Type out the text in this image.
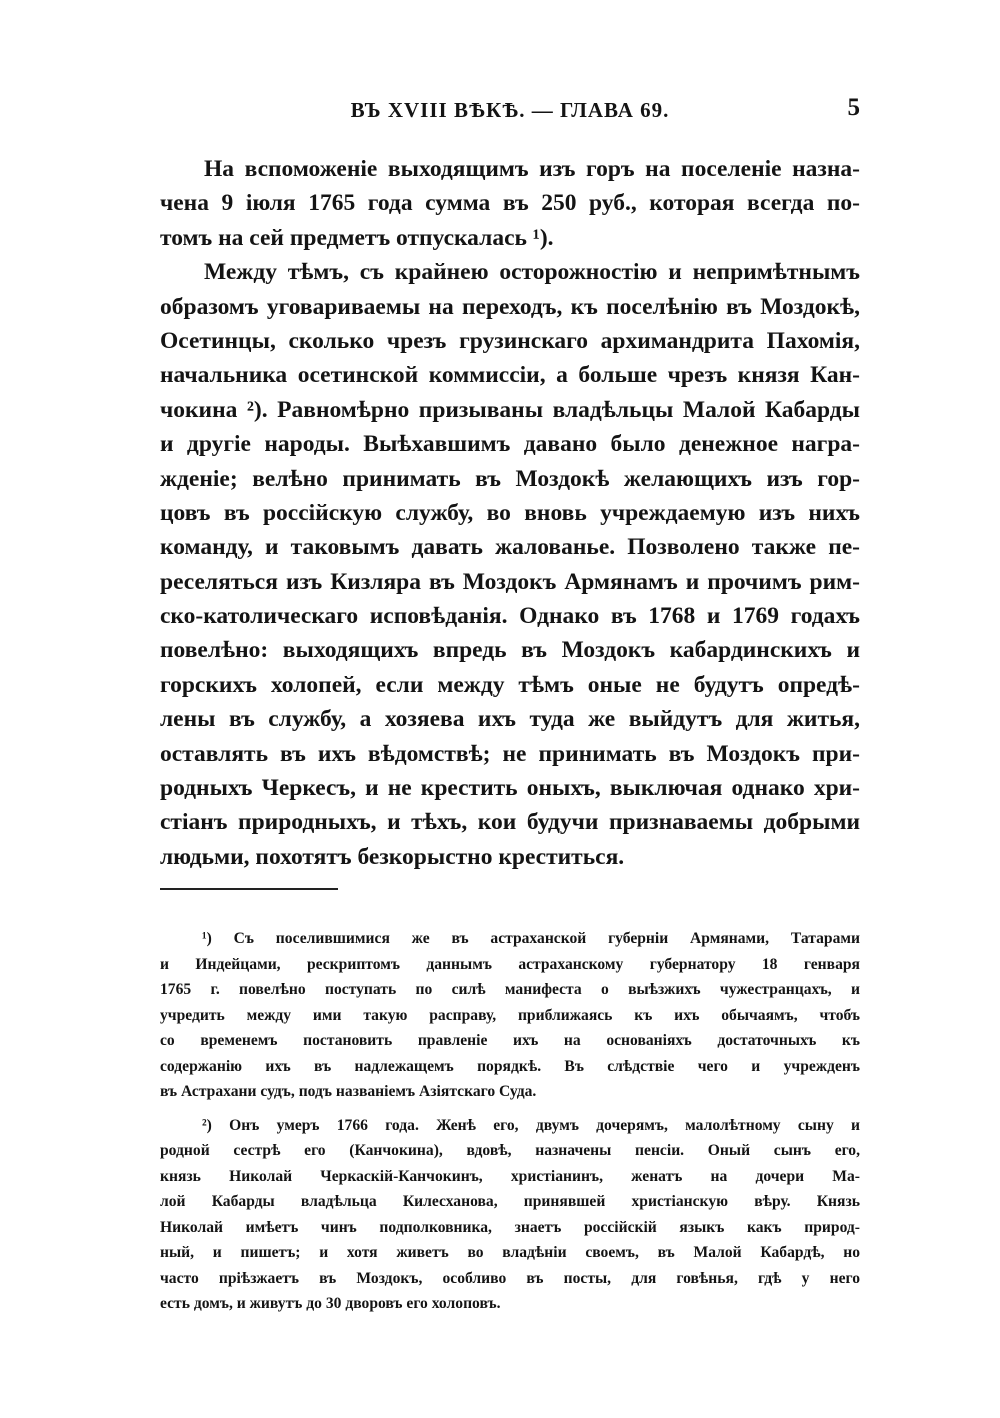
ВЪ XVIII ВѢКѢ. — ГЛАВА 69.	5
На вспоможенiе выходящимъ изъ горъ на поселенiе назна-
чена 9 iюля 1765 года сумма въ 250 руб., которая всегда по-
томъ на сей предметъ отпускалась ¹).
Между тѣмъ, съ крайнею осторожностiю и непримѣтнымъ
образомъ уговариваемы на переходъ, къ поселѣнiю въ Моздокѣ,
Осетинцы, сколько чрезъ грузинскаго архимандрита Пахомiя,
начальника осетинской коммиссiи, а больше чрезъ князя Кан-
чокина ²). Равномѣрно призываны владѣльцы Малой Кабарды
и другiе народы. Выѣхавшимъ давано было денежное награ-
жденiе; велѣно принимать въ Моздокѣ желающихъ изъ гор-
цовъ въ россiйскую службу, во вновь учреждаемую изъ нихъ
команду, и таковымъ давать жалованье. Позволено также пе-
реселяться изъ Кизляра въ Моздокъ Армянамъ и прочимъ рим-
ско-католическаго исповѣданiя. Однако въ 1768 и 1769 годахъ
повелѣно: выходящихъ впредь въ Моздокъ кабардинскихъ и
горскихъ холопей, если между тѣмъ оные не будутъ опредѣ-
лены въ службу, а хозяева ихъ туда же выйдутъ для житья,
оставлять въ ихъ вѣдомствѣ; не принимать въ Моздокъ при-
родныхъ Черкесъ, и не крестить оныхъ, выключая однако хри-
стiанъ природныхъ, и тѣхъ, кои будучи признаваемы добрыми
людьми, похотятъ безкорыстно креститься.
¹) Съ поселившимися же въ астраханской губернiи Армянами, Татарами
и Индейцами, рескриптомъ даннымъ астраханскому губернатору 18 генваря
1765 г. повелѣно поступать по силѣ манифеста о выѣзжихъ чужестранцахъ, и
учредить между ими такую расправу, приближаясь къ ихъ обычаямъ, чтобъ
со временемъ постановить правленiе ихъ на основанiяхъ достаточныхъ къ
содержанiю ихъ въ надлежащемъ порядкѣ. Въ слѣдствiе чего и учрежденъ
въ Астрахани судъ, подъ названiемъ Азiятскаго Суда.
²) Онъ умеръ 1766 года. Женѣ его, двумъ дочерямъ, малолѣтному сыну и
родной сестрѣ его (Канчокина), вдовѣ, назначены пенсiи. Оный сынъ его,
князь Николай Черкаскiй-Канчокинъ, христiанинъ, женатъ на дочери Ма-
лой Кабарды владѣльца Килесханова, принявшей христiанскую вѣру. Князь
Николай имѣетъ чинъ подполковника, знаетъ россiйскiй языкъ какъ природ-
ный, и пишетъ; и хотя живетъ во владѣнiи своемъ, въ Малой Кабардѣ, но
часто прiѣзжаетъ въ Моздокъ, особливо въ посты, для говѣнья, гдѣ у него
есть домъ, и живутъ до 30 дворовъ его холоповъ.
